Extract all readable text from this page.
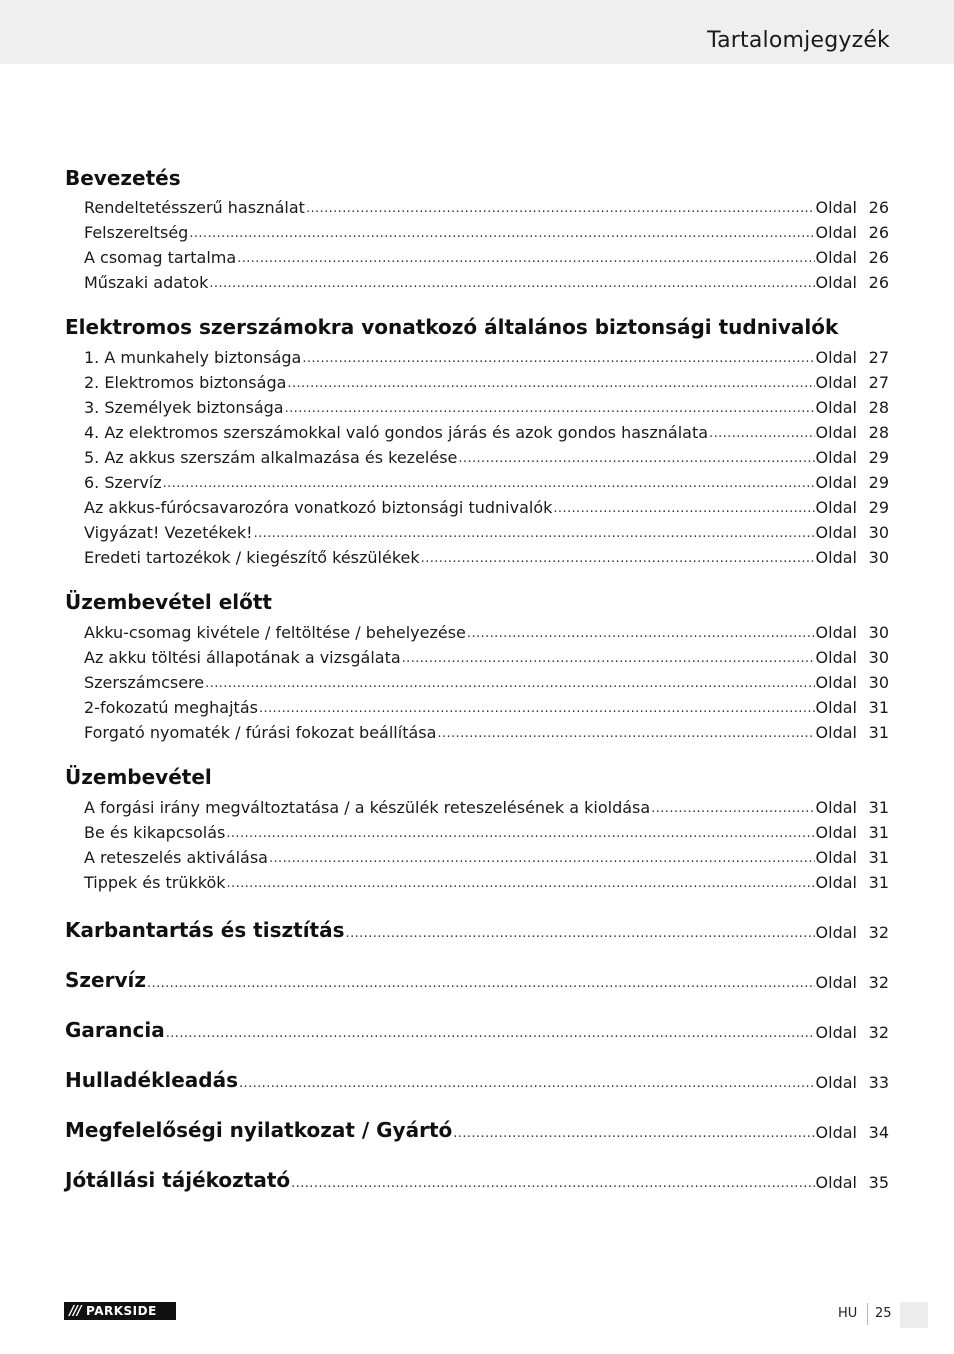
Tartalomjegyzék
Bevezetés
Rendeltetésszerű használat .....	Oldal 26
Felszereltség .....	Oldal 26
A csomag tartalma .....	Oldal 26
Műszaki adatok .....	Oldal 26
Elektromos szerszámokra vonatkozó általános biztonsági tudnivalók
1. A munkahely biztonsága .....	Oldal 27
2. Elektromos biztonsága .....	Oldal 27
3. Személyek biztonsága .....	Oldal 28
4. Az elektromos szerszámokkal való gondos járás és azok gondos használata .....	Oldal 28
5. Az akkus szerszám alkalmazása és kezelése .....	Oldal 29
6. Szervíz .....	Oldal 29
Az akkus-fúrócsavarozóra vonatkozó biztonsági tudnivalók .....	Oldal 29
Vigyázat! Vezetékek! .....	Oldal 30
Eredeti tartozékok / kiegészítő készülékek .....	Oldal 30
Üzembevétel előtt
Akku-csomag kivétele / feltöltése / behelyezése .....	Oldal 30
Az akku töltési állapotának a vizsgálata .....	Oldal 30
Szerszámcsere .....	Oldal 30
2-fokozatú meghajtás .....	Oldal 31
Forgató nyomaték / fúrási fokozat beállítása .....	Oldal 31
Üzembevétel
A forgási irány megváltoztatása / a készülék reteszelésének a kioldása .....	Oldal 31
Be és kikapcsolás .....	Oldal 31
A reteszelés aktiválása .....	Oldal 31
Tippek és trükkök .....	Oldal 31
Karbantartás és tisztítás .....	Oldal 32
Szervíz .....	Oldal 32
Garancia .....	Oldal 32
Hulladékleadás .....	Oldal 33
Megfelelőségi nyilatkozat / Gyártó .....	Oldal 34
Jótállási tájékoztató .....	Oldal 35
/// PARKSIDE	HU 25
